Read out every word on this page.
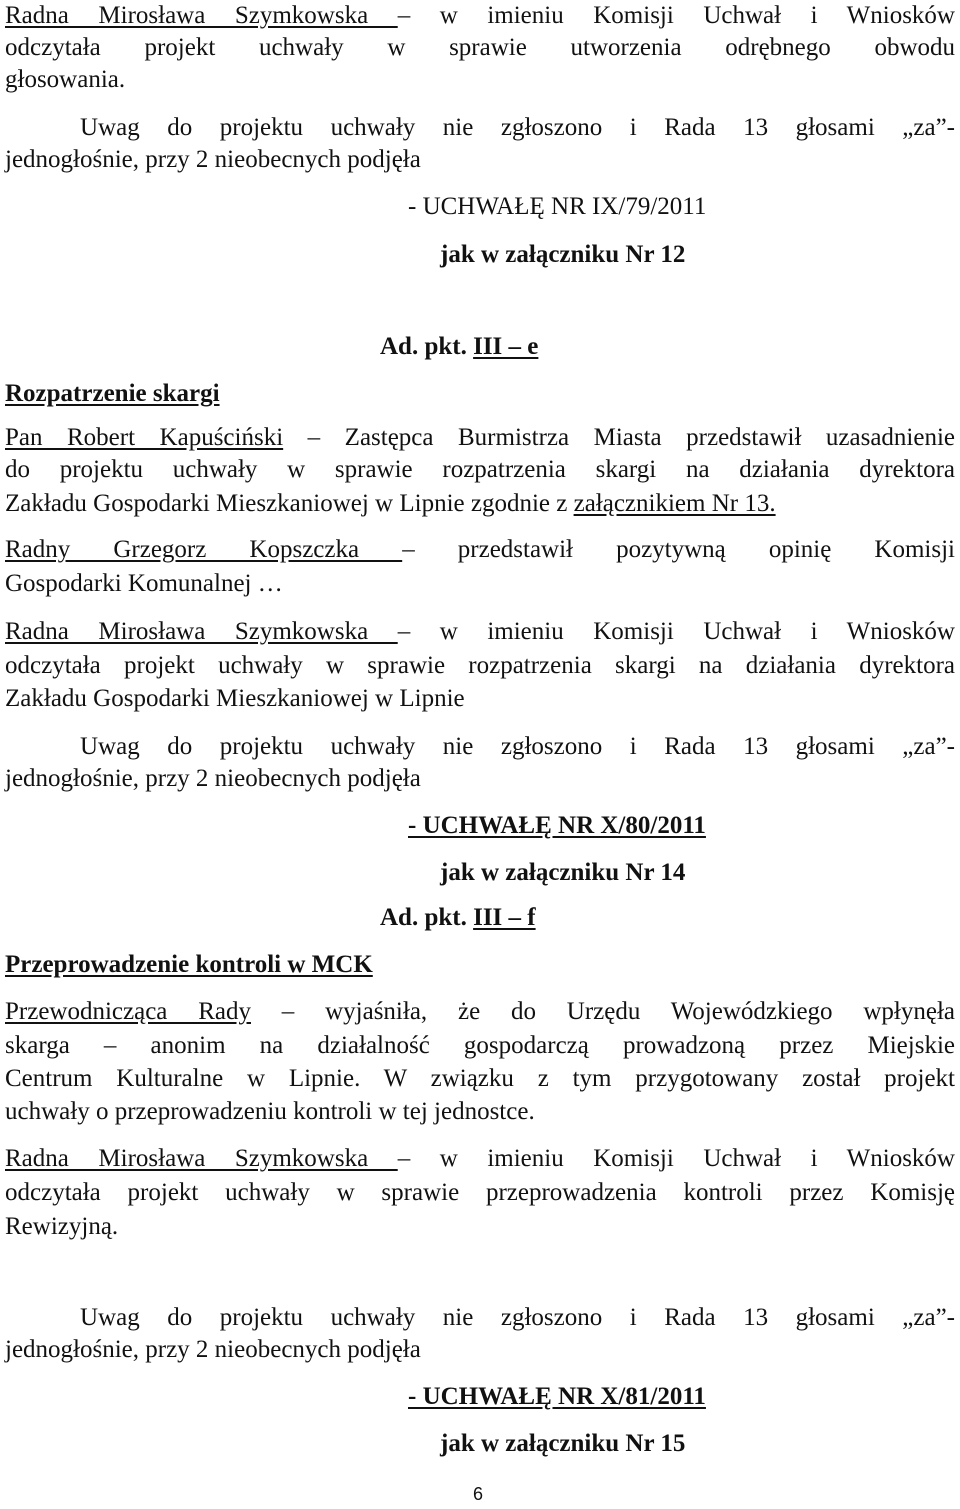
Radna Mirosława Szymkowska – w imieniu Komisji Uchwał i Wniosków
odczytała projekt uchwały w sprawie utworzenia odrębnego obwodu
głosowania.
Uwag do projektu uchwały nie zgłoszono i Rada 13 głosami „za”-
jednogłośnie, przy 2 nieobecnych podjęła
- UCHWAŁĘ NR IX/79/2011
jak w załączniku Nr 12
Ad. pkt. III – e
Rozpatrzenie skargi
Pan Robert Kapuściński – Zastępca Burmistrza Miasta przedstawił uzasadnienie
do projektu uchwały w sprawie rozpatrzenia skargi na działania dyrektora
Zakładu Gospodarki Mieszkaniowej w Lipnie zgodnie z załącznikiem Nr 13.
Radny Grzegorz Kopszczka – przedstawił pozytywną opinię Komisji
Gospodarki Komunalnej …
Radna Mirosława Szymkowska – w imieniu Komisji Uchwał i Wniosków
odczytała projekt uchwały w sprawie rozpatrzenia skargi na działania dyrektora
Zakładu Gospodarki Mieszkaniowej w Lipnie
Uwag do projektu uchwały nie zgłoszono i Rada 13 głosami „za”-
jednogłośnie, przy 2 nieobecnych podjęła
- UCHWAŁĘ NR X/80/2011
jak w załączniku Nr 14
Ad. pkt. III – f
Przeprowadzenie kontroli w MCK
Przewodnicząca Rady – wyjaśniła, że do Urzędu Wojewódzkiego wpłynęła
skarga – anonim na działalność gospodarczą prowadzoną przez Miejskie
Centrum Kulturalne w Lipnie. W związku z tym przygotowany został projekt
uchwały o przeprowadzeniu kontroli w tej jednostce.
Radna Mirosława Szymkowska – w imieniu Komisji Uchwał i Wniosków
odczytała projekt uchwały w sprawie przeprowadzenia kontroli przez Komisję
Rewizyjną.
Uwag do projektu uchwały nie zgłoszono i Rada 13 głosami „za”-
jednogłośnie, przy 2 nieobecnych podjęła
- UCHWAŁĘ NR X/81/2011
jak w załączniku Nr 15
6
